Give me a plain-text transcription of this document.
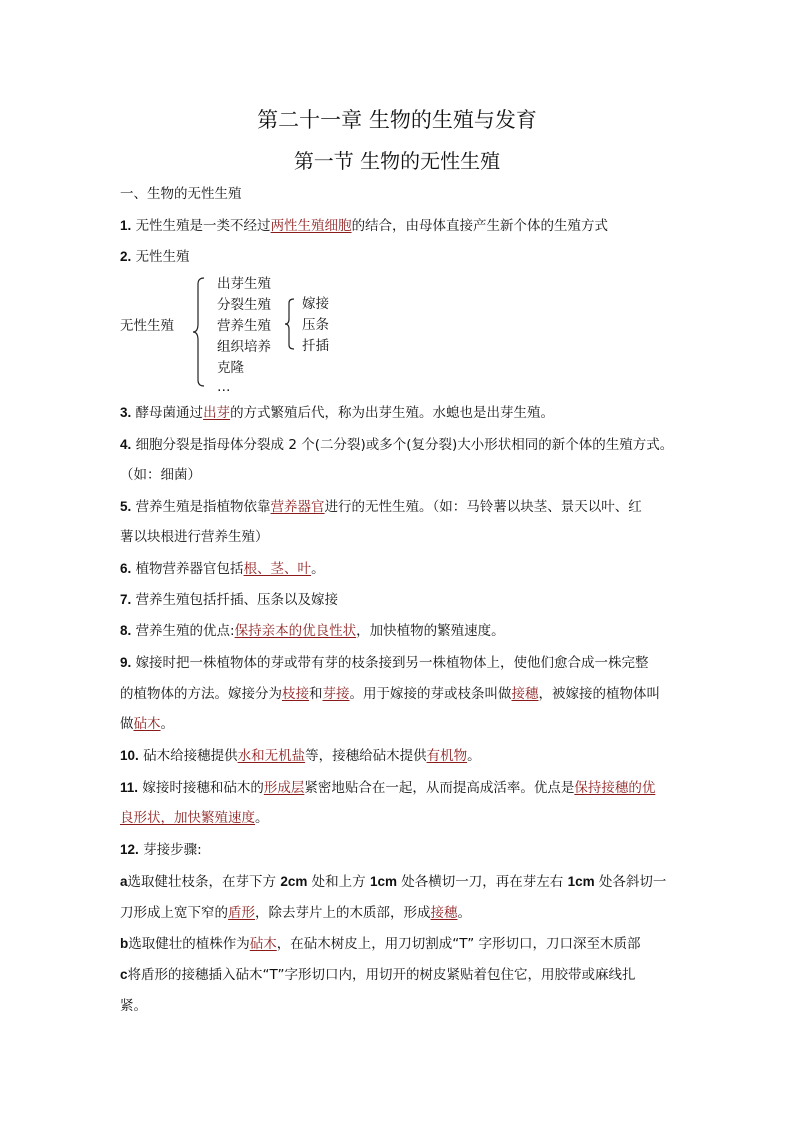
第二十一章 生物的生殖与发育
第一节 生物的无性生殖
一、生物的无性生殖
1. 无性生殖是一类不经过两性生殖细胞的结合，由母体直接产生新个体的生殖方式
2. 无性生殖
无性生殖
出芽生殖
分裂生殖
营养生殖
组织培养
克隆
…
嫁接
压条
扦插
3. 酵母菌通过出芽的方式繁殖后代，称为出芽生殖。水螅也是出芽生殖。
4. 细胞分裂是指母体分裂成 2 个(二分裂)或多个(复分裂)大小形状相同的新个体的生殖方式。
（如：细菌）
5. 营养生殖是指植物依靠营养器官进行的无性生殖。（如：马铃薯以块茎、景天以叶、红
薯以块根进行营养生殖）
6. 植物营养器官包括根、茎、叶。
7. 营养生殖包括扦插、压条以及嫁接
8. 营养生殖的优点:保持亲本的优良性状，加快植物的繁殖速度。
9. 嫁接时把一株植物体的芽或带有芽的枝条接到另一株植物体上，使他们愈合成一株完整
的植物体的方法。嫁接分为枝接和芽接。用于嫁接的芽或枝条叫做接穗，被嫁接的植物体叫
做砧木。
10. 砧木给接穗提供水和无机盐等，接穗给砧木提供有机物。
11. 嫁接时接穗和砧木的形成层紧密地贴合在一起，从而提高成活率。优点是保持接穗的优
良形状，加快繁殖速度。
12. 芽接步骤:
a选取健壮枝条，在芽下方 2cm 处和上方 1cm 处各横切一刀，再在芽左右 1cm 处各斜切一
刀形成上宽下窄的盾形，除去芽片上的木质部，形成接穗。
b选取健壮的植株作为砧木，在砧木树皮上，用刀切割成“T” 字形切口，刀口深至木质部
c将盾形的接穗插入砧木“T”字形切口内，用切开的树皮紧贴着包住它，用胶带或麻线扎
紧。
